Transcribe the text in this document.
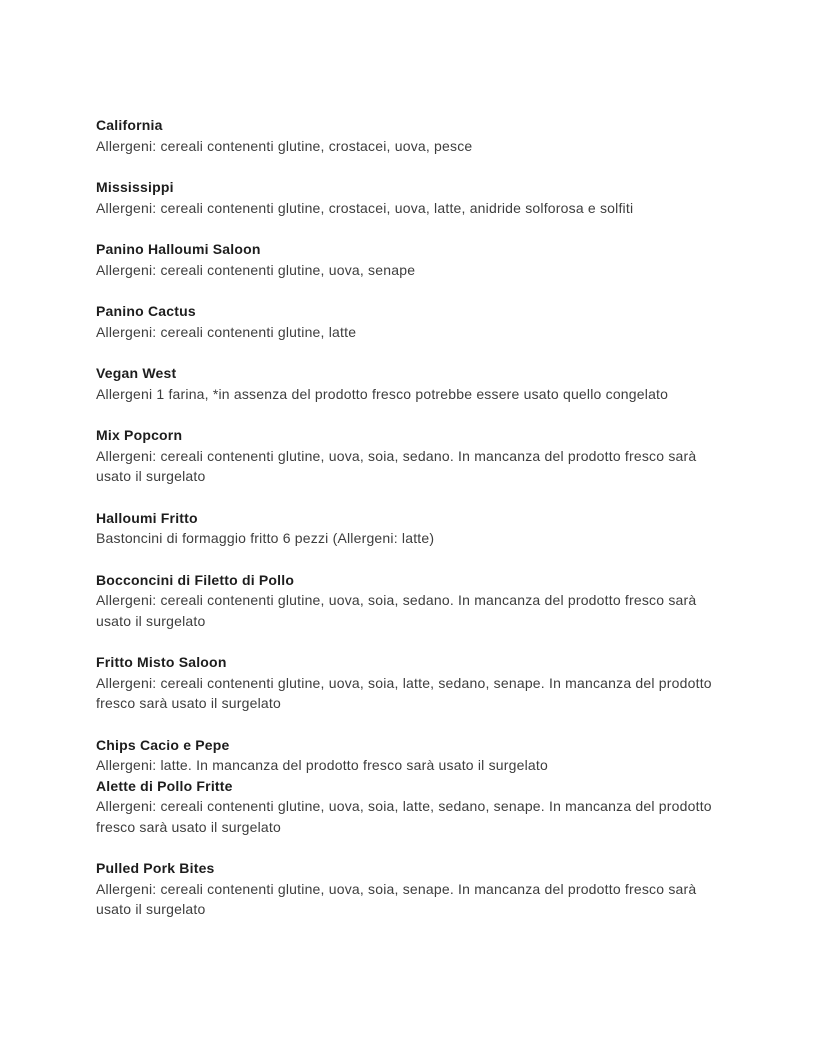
California
Allergeni: cereali contenenti glutine, crostacei, uova, pesce
Mississippi
Allergeni: cereali contenenti glutine, crostacei, uova, latte, anidride solforosa e solfiti
Panino Halloumi Saloon
Allergeni: cereali contenenti glutine, uova, senape
Panino Cactus
Allergeni: cereali contenenti glutine, latte
Vegan West
Allergeni 1 farina, *in assenza del prodotto fresco potrebbe essere usato quello congelato
Mix Popcorn
Allergeni: cereali contenenti glutine, uova, soia, sedano. In mancanza del prodotto fresco sarà usato il surgelato
Halloumi Fritto
Bastoncini di formaggio fritto 6 pezzi (Allergeni: latte)
Bocconcini di Filetto di Pollo
Allergeni: cereali contenenti glutine, uova, soia, sedano. In mancanza del prodotto fresco sarà usato il surgelato
Fritto Misto Saloon
Allergeni: cereali contenenti glutine, uova, soia, latte, sedano, senape. In mancanza del prodotto fresco sarà usato il surgelato
Chips Cacio e Pepe
Allergeni: latte. In mancanza del prodotto fresco sarà usato il surgelato
Alette di Pollo Fritte
Allergeni: cereali contenenti glutine, uova, soia, latte, sedano, senape. In mancanza del prodotto fresco sarà usato il surgelato
Pulled Pork Bites
Allergeni: cereali contenenti glutine, uova, soia, senape. In mancanza del prodotto fresco sarà usato il surgelato
